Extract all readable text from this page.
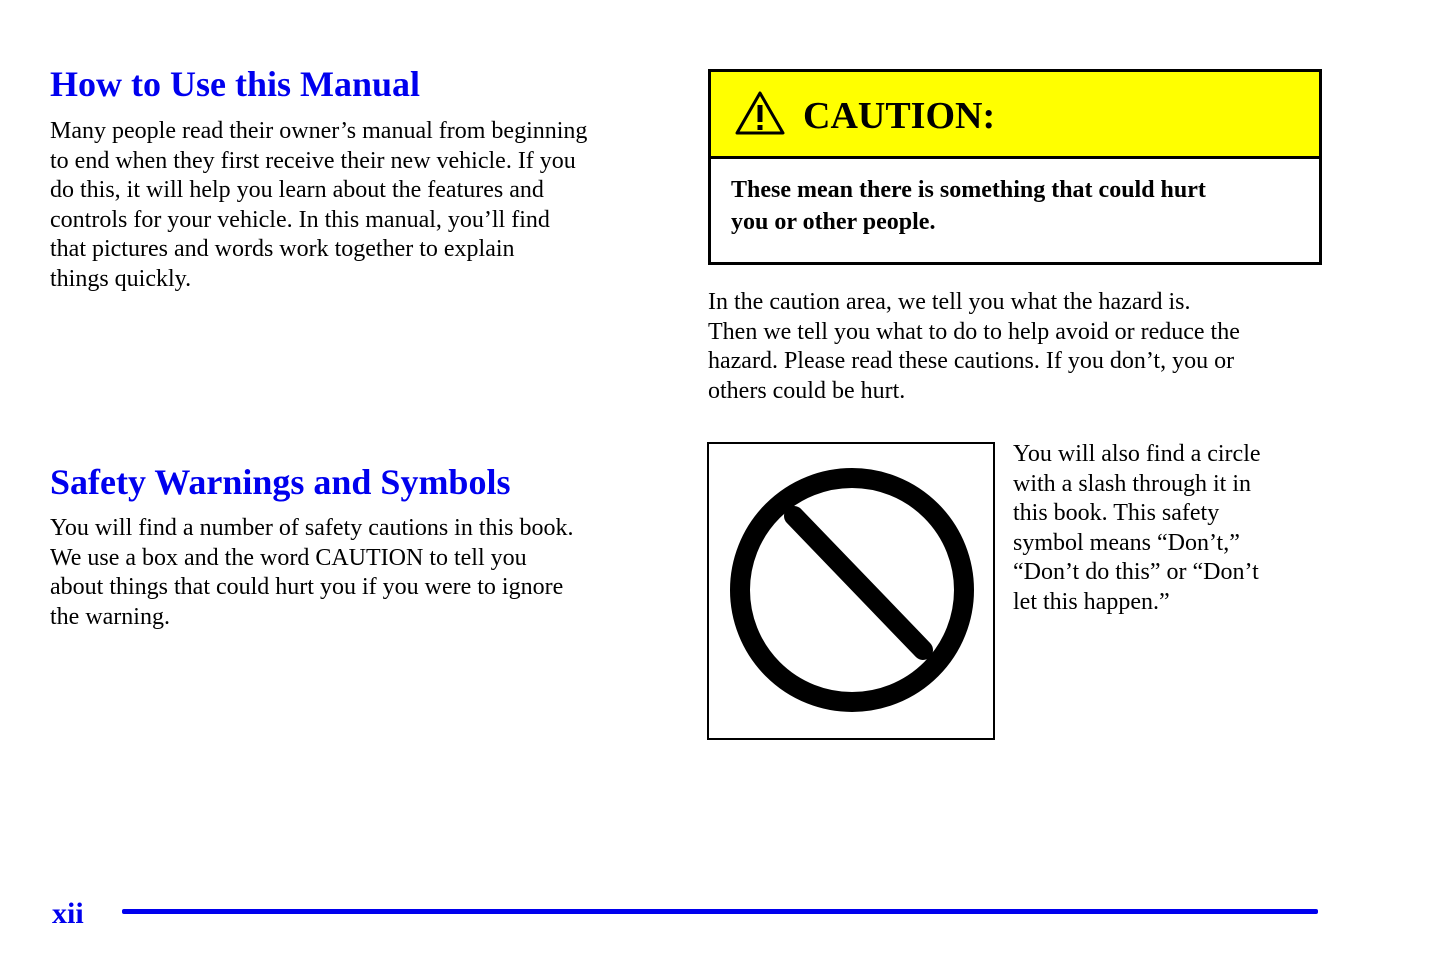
How to Use this Manual

Many people read their owner’s manual from beginning
to end when they first receive their new vehicle. If you
do this, it will help you learn about the features and
controls for your vehicle. In this manual, you’ll find
that pictures and words work together to explain
things quickly.

Safety Warnings and Symbols

You will find a number of safety cautions in this book.
We use a box and the word CAUTION to tell you
about things that could hurt you if you were to ignore
the warning.

CAUTION:
These mean there is something that could hurt
you or other people.

In the caution area, we tell you what the hazard is.
Then we tell you what to do to help avoid or reduce the
hazard. Please read these cautions. If you don’t, you or
others could be hurt.

You will also find a circle
with a slash through it in
this book. This safety
symbol means “Don’t,”
“Don’t do this” or “Don’t
let this happen.”

xii
